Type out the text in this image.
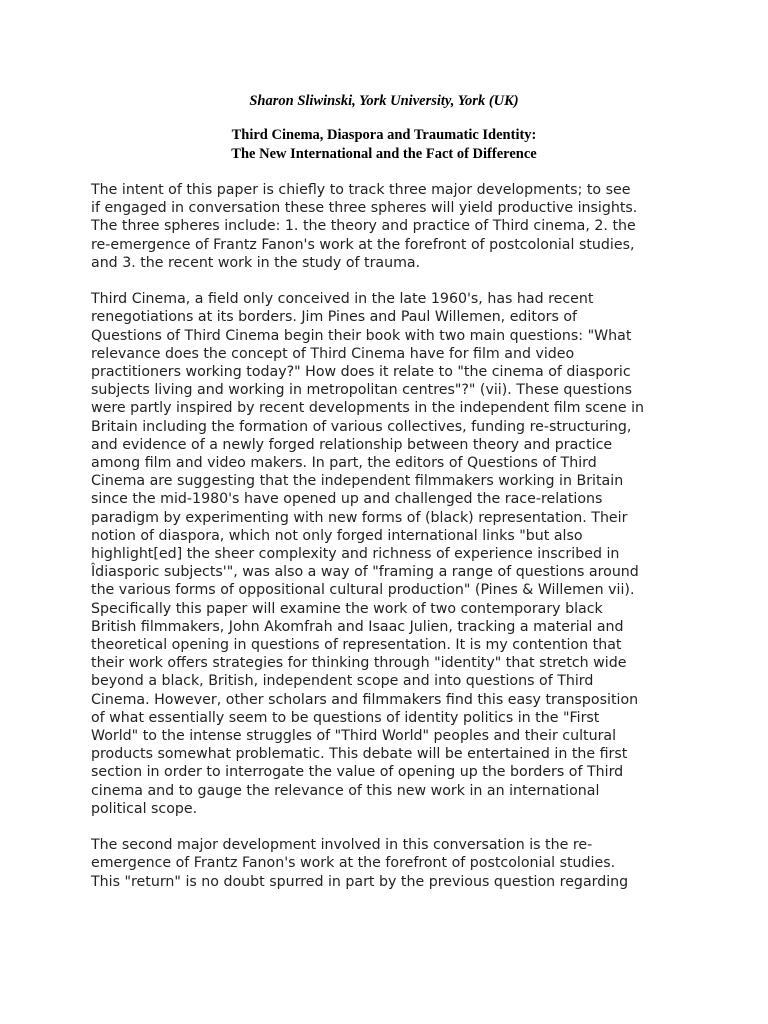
Sharon Sliwinski, York University, York (UK)
Third Cinema, Diaspora and Traumatic Identity:
The New International and the Fact of Difference

The intent of this paper is chiefly to track three major developments; to see
if engaged in conversation these three spheres will yield productive insights.
The three spheres include: 1. the theory and practice of Third cinema, 2. the
re-emergence of Frantz Fanon's work at the forefront of postcolonial studies,
and 3. the recent work in the study of trauma.

Third Cinema, a field only conceived in the late 1960's, has had recent
renegotiations at its borders. Jim Pines and Paul Willemen, editors of
Questions of Third Cinema begin their book with two main questions: "What
relevance does the concept of Third Cinema have for film and video
practitioners working today?" How does it relate to "the cinema of diasporic
subjects living and working in metropolitan centres"?" (vii). These questions
were partly inspired by recent developments in the independent film scene in
Britain including the formation of various collectives, funding re-structuring,
and evidence of a newly forged relationship between theory and practice
among film and video makers. In part, the editors of Questions of Third
Cinema are suggesting that the independent filmmakers working in Britain
since the mid-1980's have opened up and challenged the race-relations
paradigm by experimenting with new forms of (black) representation. Their
notion of diaspora, which not only forged international links "but also
highlight[ed] the sheer complexity and richness of experience inscribed in
Îdiasporic subjects'", was also a way of "framing a range of questions around
the various forms of oppositional cultural production" (Pines & Willemen vii).
Specifically this paper will examine the work of two contemporary black
British filmmakers, John Akomfrah and Isaac Julien, tracking a material and
theoretical opening in questions of representation. It is my contention that
their work offers strategies for thinking through "identity" that stretch wide
beyond a black, British, independent scope and into questions of Third
Cinema. However, other scholars and filmmakers find this easy transposition
of what essentially seem to be questions of identity politics in the "First
World" to the intense struggles of "Third World" peoples and their cultural
products somewhat problematic. This debate will be entertained in the first
section in order to interrogate the value of opening up the borders of Third
cinema and to gauge the relevance of this new work in an international
political scope.

The second major development involved in this conversation is the re-
emergence of Frantz Fanon's work at the forefront of postcolonial studies.
This "return" is no doubt spurred in part by the previous question regarding
